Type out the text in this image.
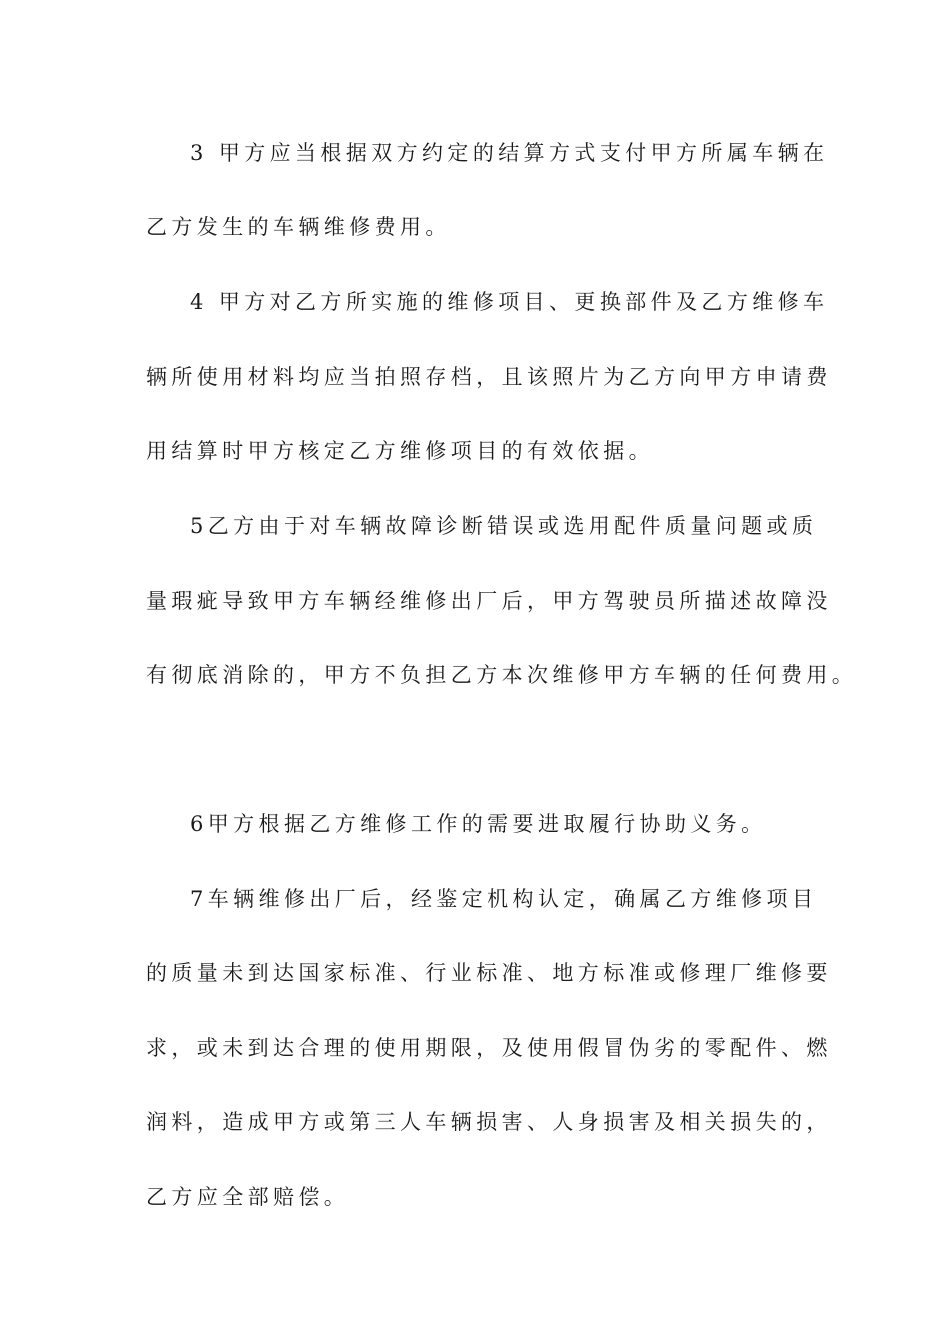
3 甲方应当根据双方约定的结算方式支付甲方所属车辆在
乙方发生的车辆维修费用。
4 甲方对乙方所实施的维修项目、更换部件及乙方维修车
辆所使用材料均应当拍照存档，且该照片为乙方向甲方申请费
用结算时甲方核定乙方维修项目的有效依据。
5乙方由于对车辆故障诊断错误或选用配件质量问题或质
量瑕疵导致甲方车辆经维修出厂后，甲方驾驶员所描述故障没
有彻底消除的，甲方不负担乙方本次维修甲方车辆的任何费用。
6甲方根据乙方维修工作的需要进取履行协助义务。
7车辆维修出厂后，经鉴定机构认定，确属乙方维修项目
的质量未到达国家标准、行业标准、地方标准或修理厂维修要
求，或未到达合理的使用期限，及使用假冒伪劣的零配件、燃
润料，造成甲方或第三人车辆损害、人身损害及相关损失的，
乙方应全部赔偿。
